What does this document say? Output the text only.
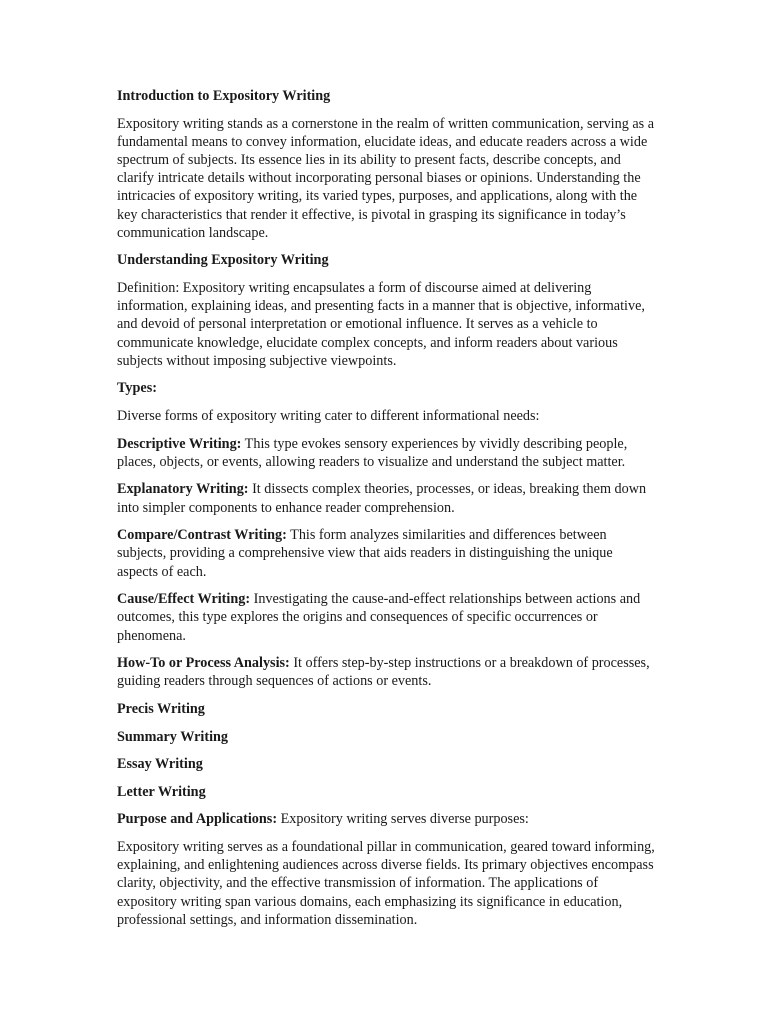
Introduction to Expository Writing

Expository writing stands as a cornerstone in the realm of written communication, serving as a fundamental means to convey information, elucidate ideas, and educate readers across a wide spectrum of subjects. Its essence lies in its ability to present facts, describe concepts, and clarify intricate details without incorporating personal biases or opinions. Understanding the intricacies of expository writing, its varied types, purposes, and applications, along with the key characteristics that render it effective, is pivotal in grasping its significance in today’s communication landscape.

Understanding Expository Writing

Definition: Expository writing encapsulates a form of discourse aimed at delivering information, explaining ideas, and presenting facts in a manner that is objective, informative, and devoid of personal interpretation or emotional influence. It serves as a vehicle to communicate knowledge, elucidate complex concepts, and inform readers about various subjects without imposing subjective viewpoints.

Types:

Diverse forms of expository writing cater to different informational needs:

Descriptive Writing: This type evokes sensory experiences by vividly describing people, places, objects, or events, allowing readers to visualize and understand the subject matter.

Explanatory Writing: It dissects complex theories, processes, or ideas, breaking them down into simpler components to enhance reader comprehension.

Compare/Contrast Writing: This form analyzes similarities and differences between subjects, providing a comprehensive view that aids readers in distinguishing the unique aspects of each.

Cause/Effect Writing: Investigating the cause-and-effect relationships between actions and outcomes, this type explores the origins and consequences of specific occurrences or phenomena.

How-To or Process Analysis: It offers step-by-step instructions or a breakdown of processes, guiding readers through sequences of actions or events.

Precis Writing

Summary Writing

Essay Writing

Letter Writing

Purpose and Applications: Expository writing serves diverse purposes:

Expository writing serves as a foundational pillar in communication, geared toward informing, explaining, and enlightening audiences across diverse fields. Its primary objectives encompass clarity, objectivity, and the effective transmission of information. The applications of expository writing span various domains, each emphasizing its significance in education, professional settings, and information dissemination.
